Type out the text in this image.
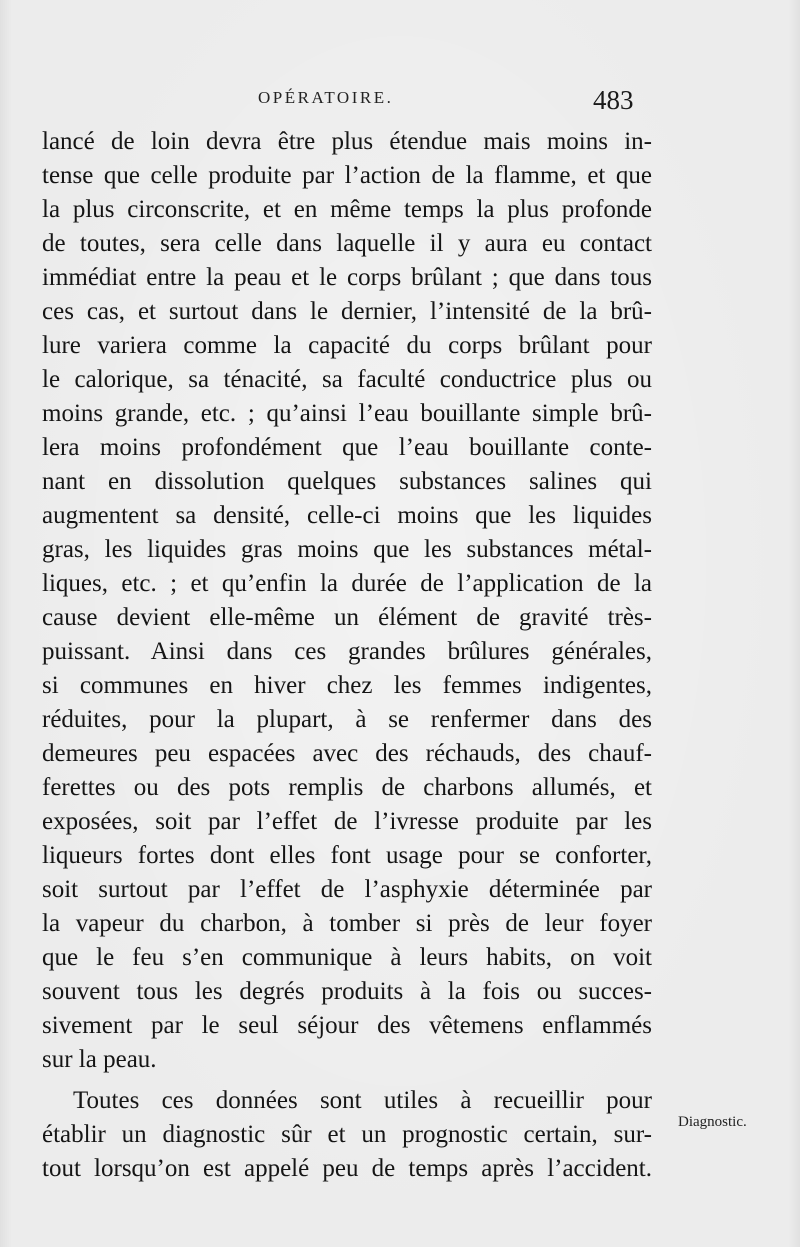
OPÉRATOIRE.	483
lancé de loin devra être plus étendue mais moins in-
tense que celle produite par l’action de la flamme, et que
la plus circonscrite, et en même temps la plus profonde
de toutes, sera celle dans laquelle il y aura eu contact
immédiat entre la peau et le corps brûlant ; que dans tous
ces cas, et surtout dans le dernier, l’intensité de la brû-
lure variera comme la capacité du corps brûlant pour
le calorique, sa ténacité, sa faculté conductrice plus ou
moins grande, etc. ; qu’ainsi l’eau bouillante simple brû-
lera moins profondément que l’eau bouillante conte-
nant en dissolution quelques substances salines qui
augmentent sa densité, celle-ci moins que les liquides
gras, les liquides gras moins que les substances métal-
liques, etc. ; et qu’enfin la durée de l’application de la
cause devient elle-même un élément de gravité très-
puissant. Ainsi dans ces grandes brûlures générales,
si communes en hiver chez les femmes indigentes,
réduites, pour la plupart, à se renfermer dans des
demeures peu espacées avec des réchauds, des chauf-
ferettes ou des pots remplis de charbons allumés, et
exposées, soit par l’effet de l’ivresse produite par les
liqueurs fortes dont elles font usage pour se conforter,
soit surtout par l’effet de l’asphyxie déterminée par
la vapeur du charbon, à tomber si près de leur foyer
que le feu s’en communique à leurs habits, on voit
souvent tous les degrés produits à la fois ou succes-
sivement par le seul séjour des vêtemens enflammés
sur la peau.
Toutes ces données sont utiles à recueillir pour
établir un diagnostic sûr et un prognostic certain, sur-
tout lorsqu’on est appelé peu de temps après l’accident.
Diagnostic.
